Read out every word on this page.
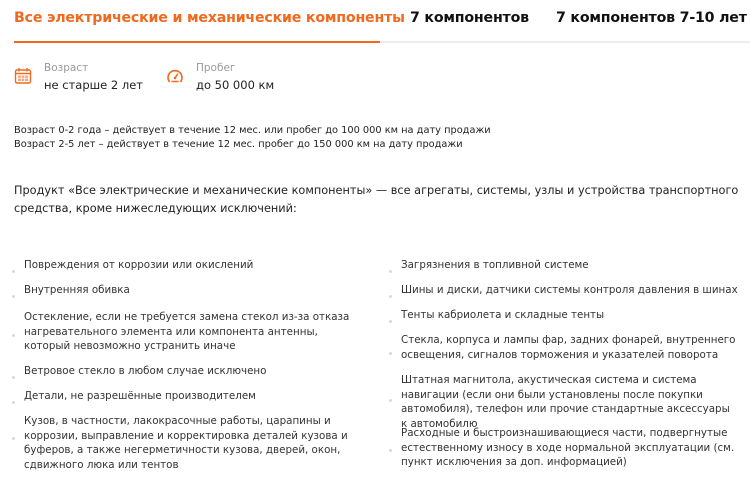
Все электрические и механические компоненты 7 компонентов 7 компонентов 7-10 лет
Возраст
не старше 2 лет
Пробег
до 50 000 км
Возраст 0-2 года – действует в течение 12 мес. или пробег до 100 000 км на дату продажи
Возраст 2-5 лет – действует в течение 12 мес. пробег до 150 000 км на дату продажи
Продукт «Все электрические и механические компоненты» — все агрегаты, системы, узлы и устройства транспортного средства, кроме нижеследующих исключений:
Повреждения от коррозии или окислений
Внутренняя обивка
Остекление, если не требуется замена стекол из-за отказа нагревательного элемента или компонента антенны, который невозможно устранить иначе
Ветровое стекло в любом случае исключено
Детали, не разрешённые производителем
Кузов, в частности, лакокрасочные работы, царапины и коррозии, выправление и корректировка деталей кузова и буферов, а также негерметичности кузова, дверей, окон, сдвижного люка или тентов
Загрязнения в топливной системе
Шины и диски, датчики системы контроля давления в шинах
Тенты кабриолета и складные тенты
Стекла, корпуса и лампы фар, задних фонарей, внутреннего освещения, сигналов торможения и указателей поворота
Штатная магнитола, акустическая система и система навигации (если они были установлены после покупки автомобиля), телефон или прочие стандартные аксессуары к автомобилю
Расходные и быстроизнашивающиеся части, подвергнутые естественному износу в ходе нормальной эксплуатации (см. пункт исключения за доп. информацией)
